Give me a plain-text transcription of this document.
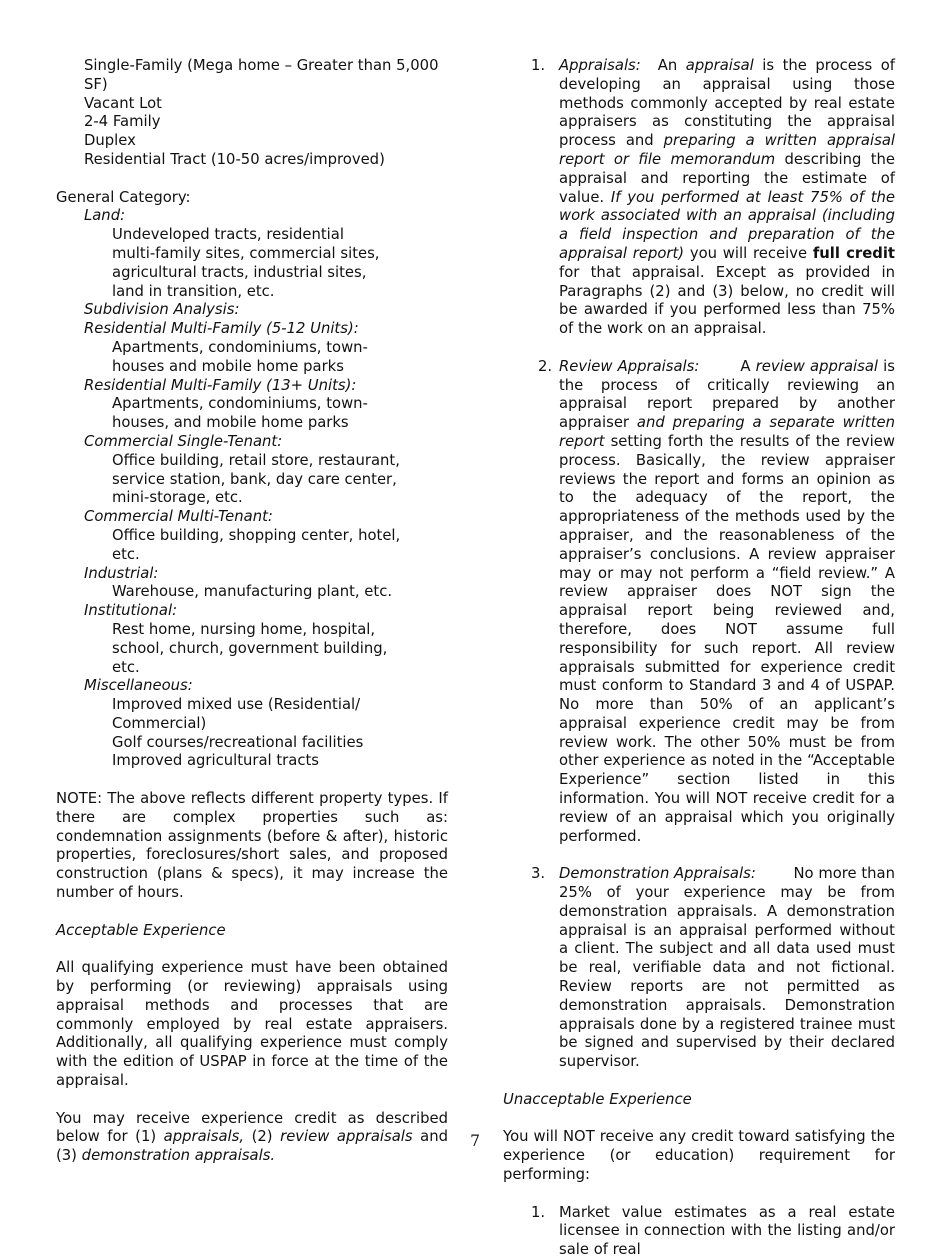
Single-Family (Mega home – Greater than 5,000 SF)
Vacant Lot
2-4 Family
Duplex
Residential Tract (10-50 acres/improved)
General Category:
Land:
Undeveloped tracts, residential
multi-family sites, commercial sites,
agricultural tracts, industrial sites,
land in transition, etc.
Subdivision Analysis:
Residential Multi-Family (5-12 Units):
Apartments, condominiums, town-
houses and mobile home parks
Residential Multi-Family (13+ Units):
Apartments, condominiums, town-
houses, and mobile home parks
Commercial Single-Tenant:
Office building, retail store, restaurant,
service station, bank, day care center,
mini-storage, etc.
Commercial Multi-Tenant:
Office building, shopping center, hotel,
etc.
Industrial:
Warehouse, manufacturing plant, etc.
Institutional:
Rest home, nursing home, hospital,
school, church, government building,
etc.
Miscellaneous:
Improved mixed use (Residential/
Commercial)
Golf courses/recreational facilities
Improved agricultural tracts
NOTE: The above reflects different property types. If there are complex properties such as: condemnation assignments (before & after), historic properties, foreclosures/short sales, and proposed construction (plans & specs), it may increase the number of hours.
Acceptable Experience
All qualifying experience must have been obtained by performing (or reviewing) appraisals using appraisal methods and processes that are commonly employed by real estate appraisers. Additionally, all qualifying experience must comply with the edition of USPAP in force at the time of the appraisal.
You may receive experience credit as described below for (1) appraisals, (2) review appraisals and (3) demonstration appraisals.
1. Appraisals:  An appraisal is the process of developing an appraisal using those methods commonly accepted by real estate appraisers as constituting the appraisal process and preparing a written appraisal report or file memorandum describing the appraisal and reporting the estimate of value. If you performed at least 75% of the work associated with an appraisal (including a field inspection and preparation of the appraisal report) you will receive full credit for that appraisal. Except as provided in Paragraphs (2) and (3) below, no credit will be awarded if you performed less than 75% of the work on an appraisal.
2. Review Appraisals:        A review appraisal is the process of critically reviewing an appraisal report prepared by another appraiser and preparing a separate written report setting forth the results of the review process. Basically, the review appraiser reviews the report and forms an opinion as to the adequacy of the report, the appropriateness of the methods used by the appraiser, and the reasonableness of the appraiser’s conclusions. A review appraiser may or may not perform a “field review.” A review appraiser does NOT sign the appraisal report being reviewed and, therefore, does NOT assume full responsibility for such report. All review appraisals submitted for experience credit must conform to Standard 3 and 4 of USPAP. No more than 50% of an applicant’s appraisal experience credit may be from review work. The other 50% must be from other experience as noted in the “Acceptable Experience” section listed in this information. You will NOT receive credit for a review of an appraisal which you originally performed.
3. Demonstration Appraisals:        No more than 25% of your experience may be from demonstration appraisals. A demonstration appraisal is an appraisal performed without a client. The subject and all data used must be real, verifiable data and not fictional. Review reports are not permitted as demonstration appraisals. Demonstration appraisals done by a registered trainee must be signed and supervised by their declared supervisor.
Unacceptable Experience
You will NOT receive any credit toward satisfying the experience (or education) requirement for performing:
1. Market value estimates as a real estate licensee in connection with the listing and/or sale of real
7
